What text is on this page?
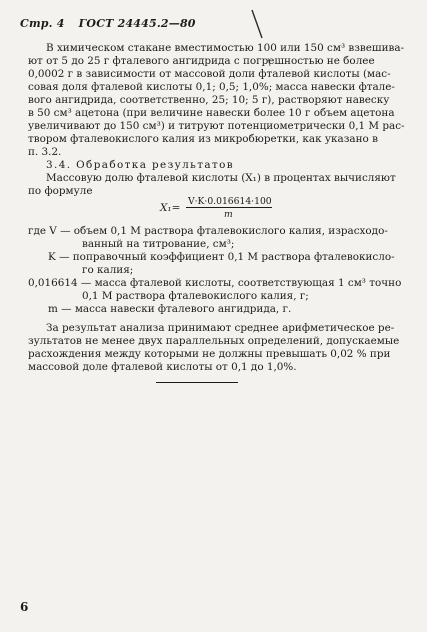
Стр. 4 ГОСТ 24445.2—80
В химическом стакане вместимостью 100 или 150 см³ взвешива-
ют от 5 до 25 г фталевого ангидрида с погрешностью не более
0,0002 г в зависимости от массовой доли фталевой кислоты (мас-
совая доля фталевой кислоты 0,1; 0,5; 1,0%; масса навески фтале-
вого ангидрида, соответственно, 25; 10; 5 г), растворяют навеску
в 50 см³ ацетона (при величине навески более 10 г объем ацетона
увеличивают до 150 см³) и титруют потенциометрически 0,1 М рас-
твором фталевокислого калия из микробюретки, как указано в
п. 3.2.
3.4. Обработка результатов
Массовую долю фталевой кислоты (X₁) в процентах вычисляют
по формуле
X₁=
V·K·0.016614·100
m
где V — объем 0,1 М раствора фталевокислого калия, израсходо-
ванный на титрование, см³;
K — поправочный коэффициент 0,1 М раствора фталевокисло-
го калия;
0,016614 — масса фталевой кислоты, соответствующая 1 см³ точно
0,1 М раствора фталевокислого калия, г;
m — масса навески фталевого ангидрида, г.
За результат анализа принимают среднее арифметическое ре-
зультатов не менее двух параллельных определений, допускаемые
расхождения между которыми не должны превышать 0,02 % при
массовой доле фталевой кислоты от 0,1 до 1,0%.
6
